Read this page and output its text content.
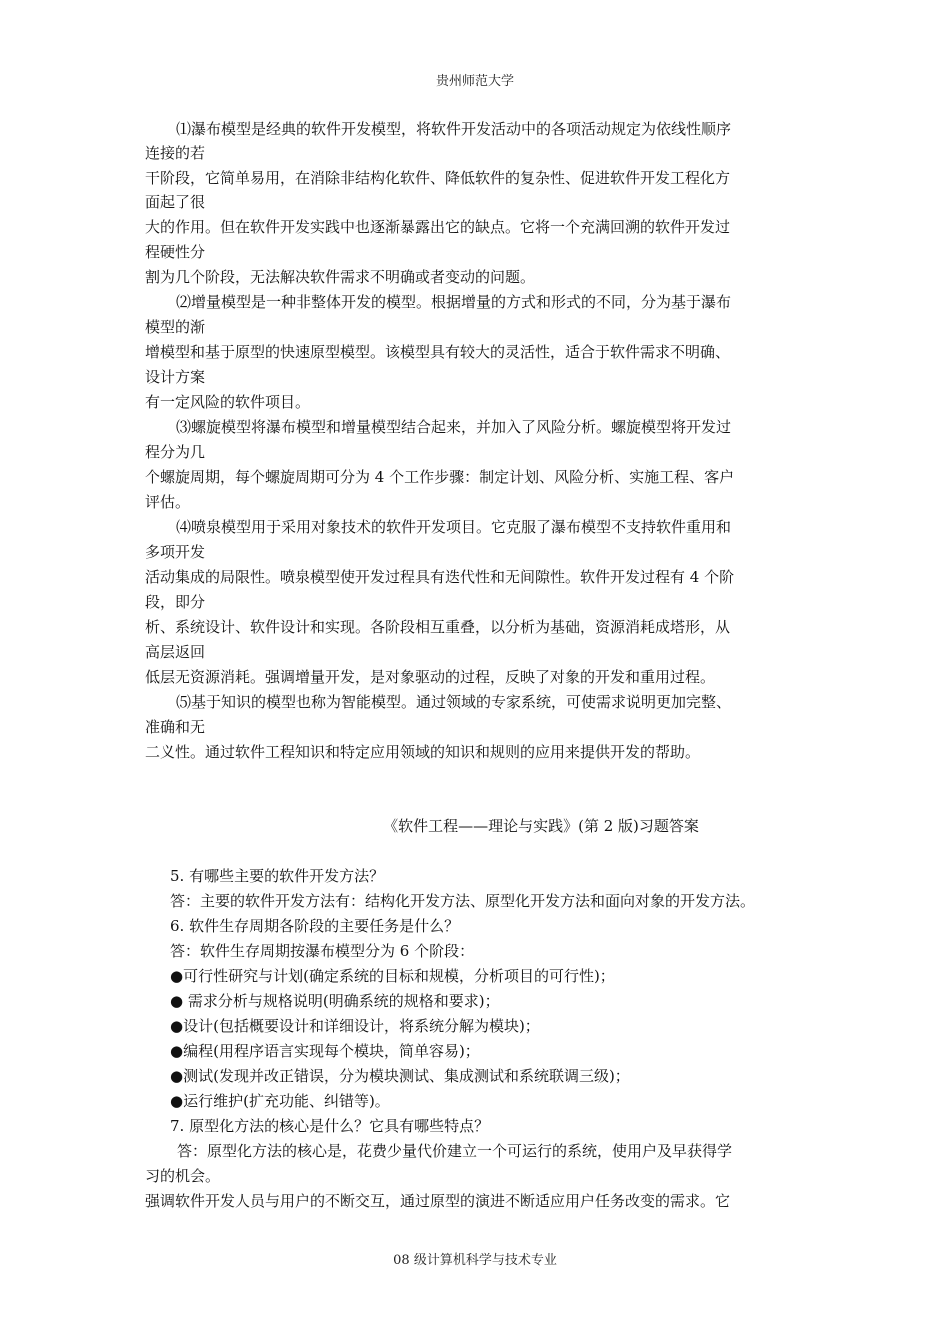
贵州师范大学
⑴瀑布模型是经典的软件开发模型，将软件开发活动中的各项活动规定为依线性顺序
连接的若
干阶段，它简单易用，在消除非结构化软件、降低软件的复杂性、促进软件开发工程化方
面起了很
大的作用。但在软件开发实践中也逐渐暴露出它的缺点。它将一个充满回溯的软件开发过
程硬性分
割为几个阶段，无法解决软件需求不明确或者变动的问题。
⑵增量模型是一种非整体开发的模型。根据增量的方式和形式的不同，分为基于瀑布
模型的渐
增模型和基于原型的快速原型模型。该模型具有较大的灵活性，适合于软件需求不明确、
设计方案
有一定风险的软件项目。
⑶螺旋模型将瀑布模型和增量模型结合起来，并加入了风险分析。螺旋模型将开发过
程分为几
个螺旋周期，每个螺旋周期可分为 4 个工作步骤：制定计划、风险分析、实施工程、客户
评估。
⑷喷泉模型用于采用对象技术的软件开发项目。它克服了瀑布模型不支持软件重用和
多项开发
活动集成的局限性。喷泉模型使开发过程具有迭代性和无间隙性。软件开发过程有 4 个阶
段，即分
析、系统设计、软件设计和实现。各阶段相互重叠，以分析为基础，资源消耗成塔形，从
高层返回
低层无资源消耗。强调增量开发，是对象驱动的过程，反映了对象的开发和重用过程。
⑸基于知识的模型也称为智能模型。通过领域的专家系统，可使需求说明更加完整、
准确和无
二义性。通过软件工程知识和特定应用领域的知识和规则的应用来提供开发的帮助。
《软件工程——理论与实践》(第 2 版)习题答案
5. 有哪些主要的软件开发方法？
答：主要的软件开发方法有：结构化开发方法、原型化开发方法和面向对象的开发方法。
6. 软件生存周期各阶段的主要任务是什么？
答：软件生存周期按瀑布模型分为 6 个阶段：
●可行性研究与计划(确定系统的目标和规模，分析项目的可行性)；
● 需求分析与规格说明(明确系统的规格和要求)；
●设计(包括概要设计和详细设计，将系统分解为模块)；
●编程(用程序语言实现每个模块，简单容易)；
●测试(发现并改正错误，分为模块测试、集成测试和系统联调三级)；
●运行维护(扩充功能、纠错等)。
7. 原型化方法的核心是什么？它具有哪些特点？
答：原型化方法的核心是，花费少量代价建立一个可运行的系统，使用户及早获得学
习的机会。
强调软件开发人员与用户的不断交互，通过原型的演进不断适应用户任务改变的需求。它
08 级计算机科学与技术专业
